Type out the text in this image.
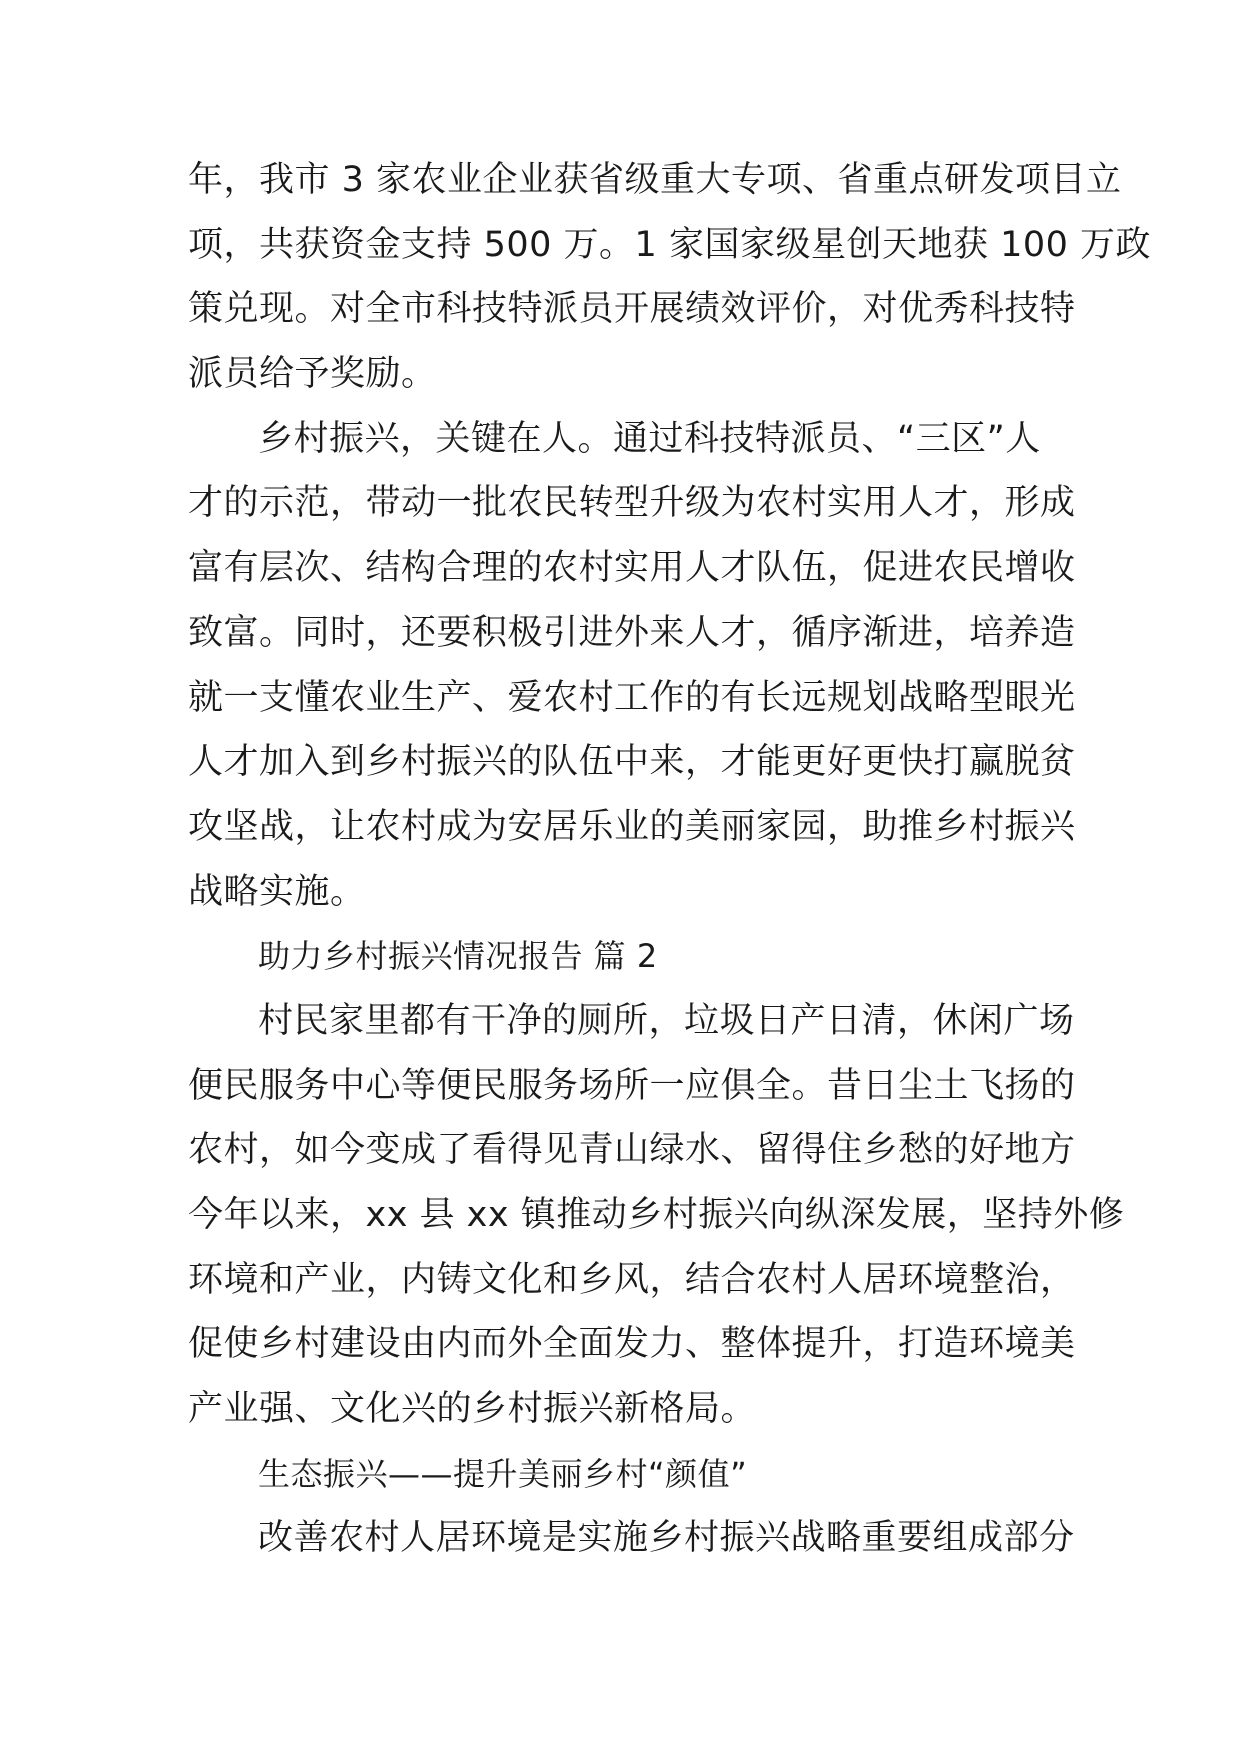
年，我市 3 家农业企业获省级重大专项、省重点研发项目立
项，共获资金支持 500 万。1 家国家级星创天地获 100 万政
策兑现。对全市科技特派员开展绩效评价，对优秀科技特
派员给予奖励。
乡村振兴，关键在人。通过科技特派员、“三区”人
才的示范，带动一批农民转型升级为农村实用人才，形成
富有层次、结构合理的农村实用人才队伍，促进农民增收
致富。同时，还要积极引进外来人才，循序渐进，培养造
就一支懂农业生产、爱农村工作的有长远规划战略型眼光
人才加入到乡村振兴的队伍中来，才能更好更快打赢脱贫
攻坚战，让农村成为安居乐业的美丽家园，助推乡村振兴
战略实施。
助力乡村振兴情况报告 篇 2
村民家里都有干净的厕所，垃圾日产日清，休闲广场
便民服务中心等便民服务场所一应俱全。昔日尘土飞扬的
农村，如今变成了看得见青山绿水、留得住乡愁的好地方
今年以来，xx 县 xx 镇推动乡村振兴向纵深发展，坚持外修
环境和产业，内铸文化和乡风，结合农村人居环境整治，
促使乡村建设由内而外全面发力、整体提升，打造环境美
产业强、文化兴的乡村振兴新格局。
生态振兴——提升美丽乡村“颜值”
改善农村人居环境是实施乡村振兴战略重要组成部分
